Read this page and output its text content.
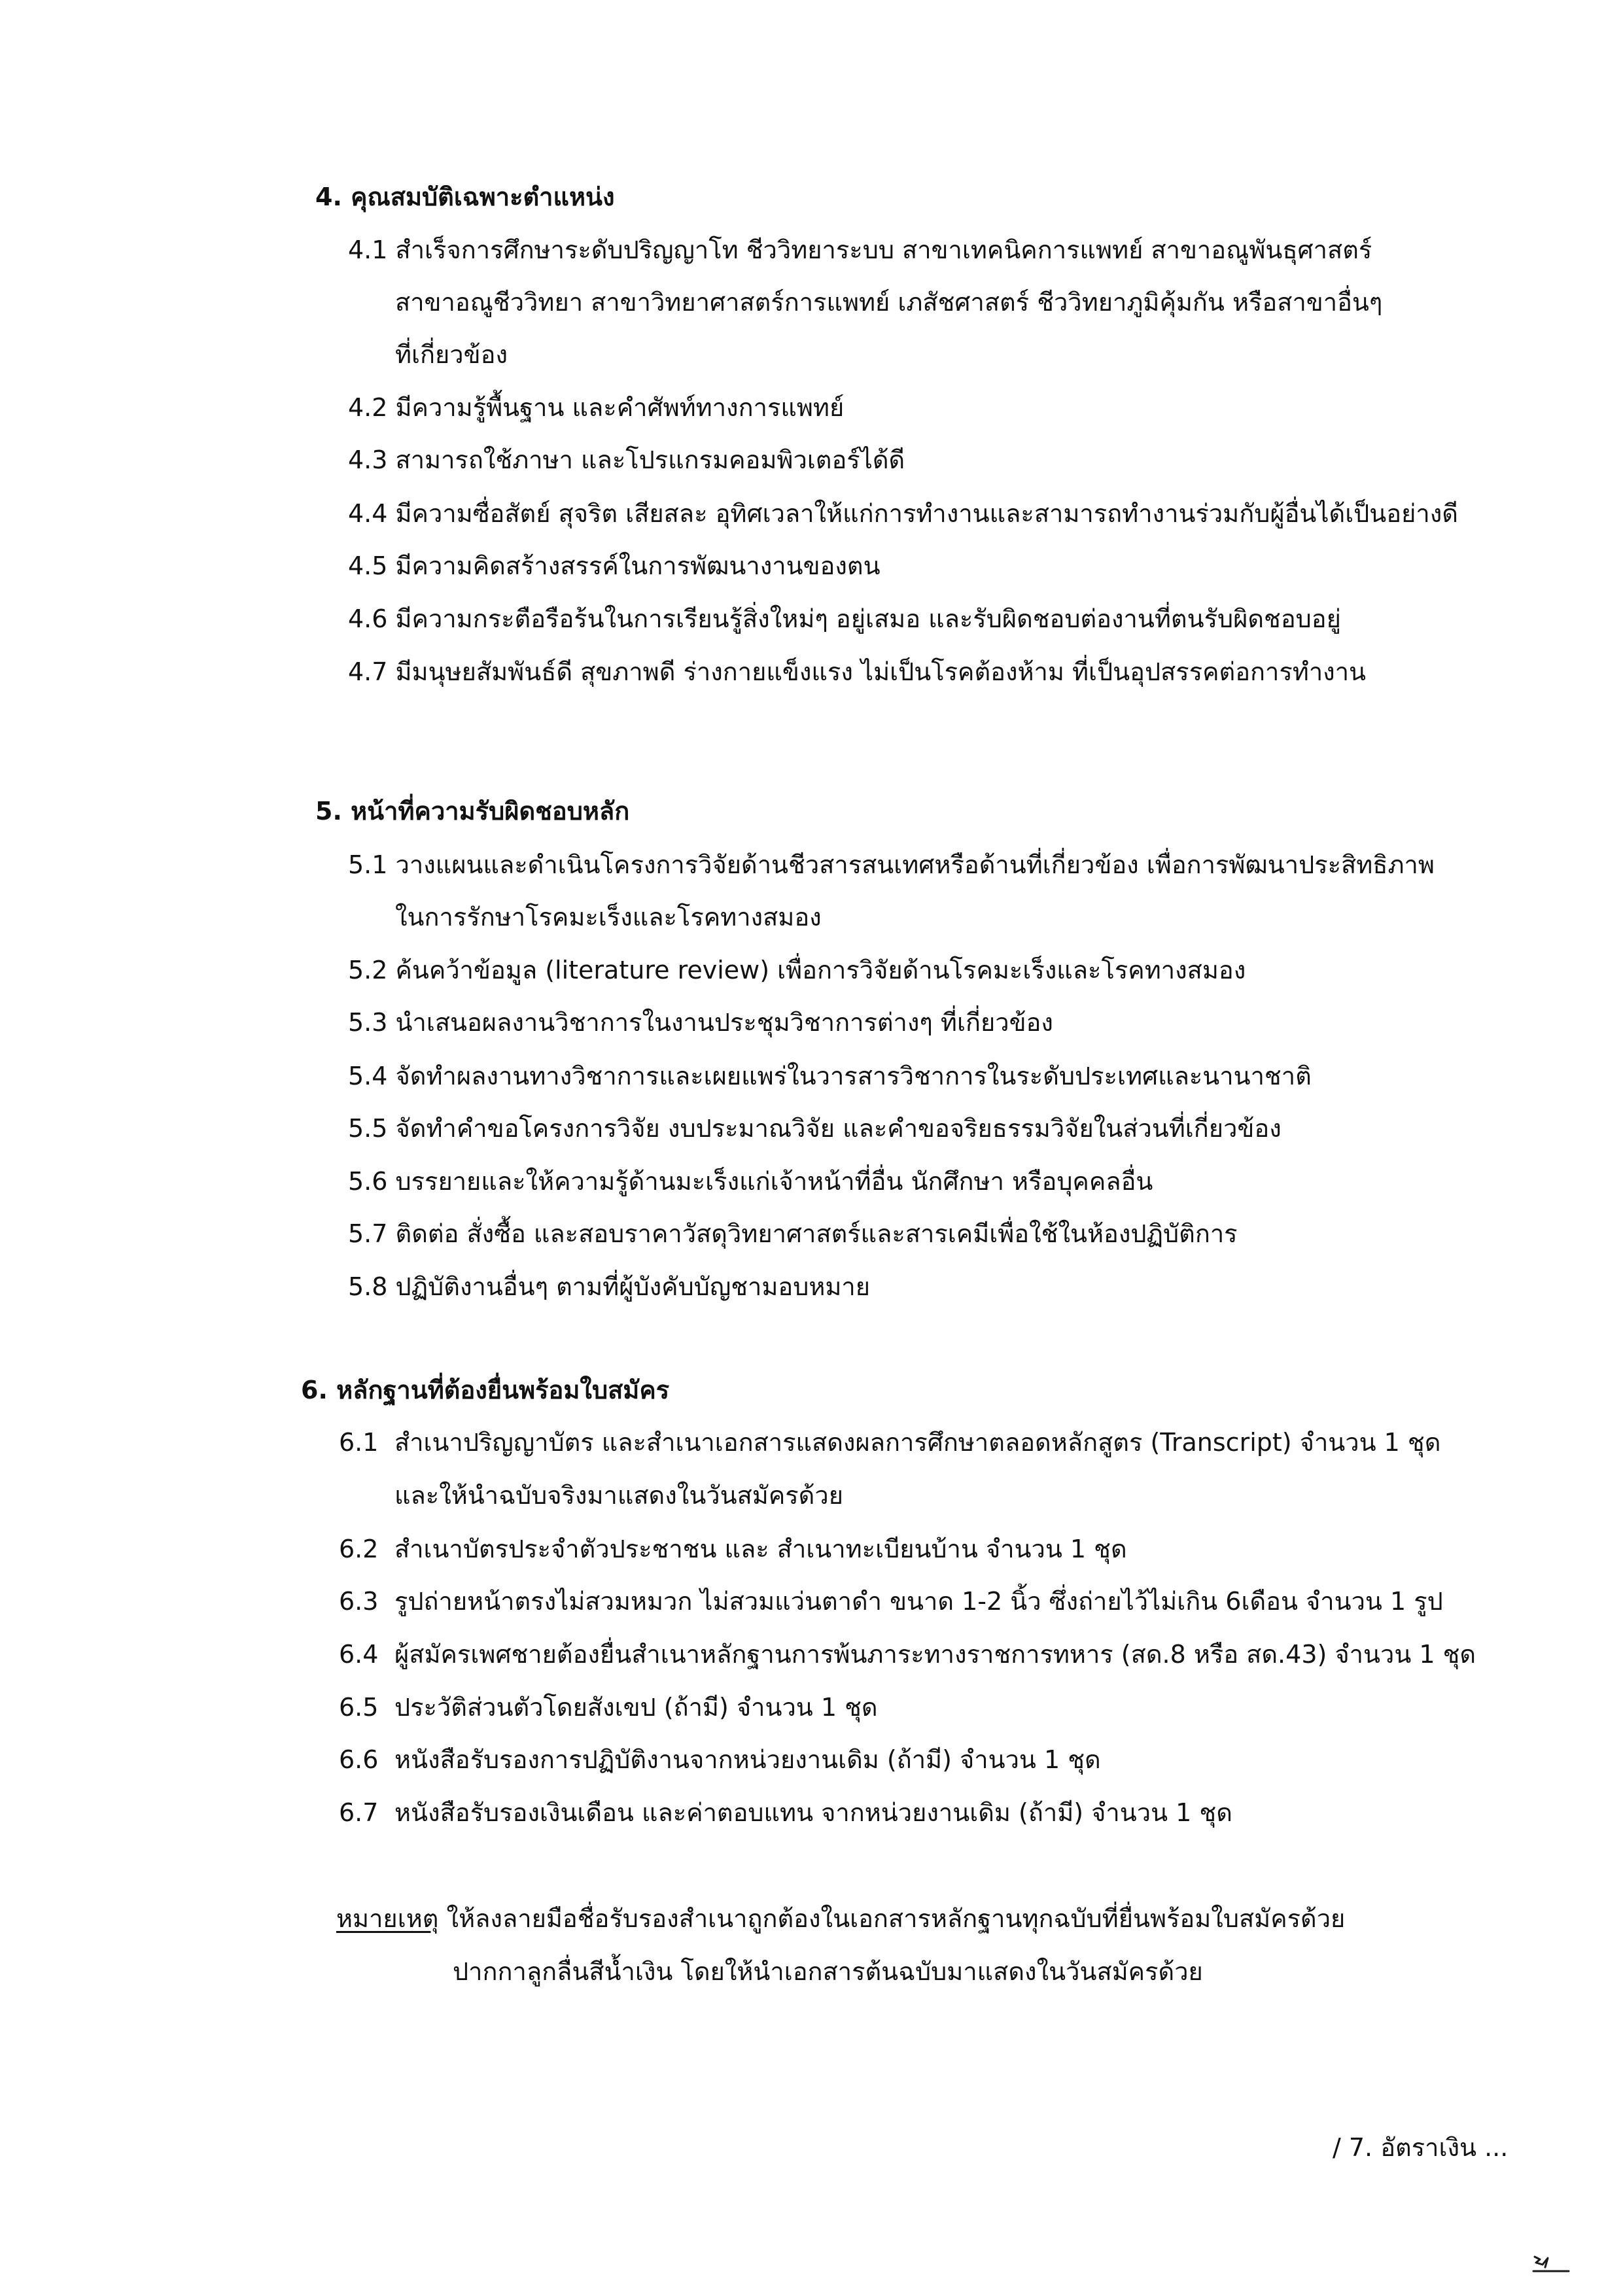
4. คุณสมบัติเฉพาะตำแหน่ง
4.1 สำเร็จการศึกษาระดับปริญญาโท ชีววิทยาระบบ สาขาเทคนิคการแพทย์ สาขาอณูพันธุศาสตร์
สาขาอณูชีววิทยา สาขาวิทยาศาสตร์การแพทย์ เภสัชศาสตร์ ชีววิทยาภูมิคุ้มกัน หรือสาขาอื่นๆ
ที่เกี่ยวข้อง
4.2 มีความรู้พื้นฐาน และคำศัพท์ทางการแพทย์
4.3 สามารถใช้ภาษา และโปรแกรมคอมพิวเตอร์ได้ดี
4.4 มีความซื่อสัตย์ สุจริต เสียสละ อุทิศเวลาให้แก่การทำงานและสามารถทำงานร่วมกับผู้อื่นได้เป็นอย่างดี
4.5 มีความคิดสร้างสรรค์ในการพัฒนางานของตน
4.6 มีความกระตือรือร้นในการเรียนรู้สิ่งใหม่ๆ อยู่เสมอ และรับผิดชอบต่องานที่ตนรับผิดชอบอยู่
4.7 มีมนุษยสัมพันธ์ดี สุขภาพดี ร่างกายแข็งแรง ไม่เป็นโรคต้องห้าม ที่เป็นอุปสรรคต่อการทำงาน
5. หน้าที่ความรับผิดชอบหลัก
5.1 วางแผนและดำเนินโครงการวิจัยด้านชีวสารสนเทศหรือด้านที่เกี่ยวข้อง เพื่อการพัฒนาประสิทธิภาพ
ในการรักษาโรคมะเร็งและโรคทางสมอง
5.2 ค้นคว้าข้อมูล (literature review) เพื่อการวิจัยด้านโรคมะเร็งและโรคทางสมอง
5.3 นำเสนอผลงานวิชาการในงานประชุมวิชาการต่างๆ ที่เกี่ยวข้อง
5.4 จัดทำผลงานทางวิชาการและเผยแพร่ในวารสารวิชาการในระดับประเทศและนานาชาติ
5.5 จัดทำคำขอโครงการวิจัย งบประมาณวิจัย และคำขอจริยธรรมวิจัยในส่วนที่เกี่ยวข้อง
5.6 บรรยายและให้ความรู้ด้านมะเร็งแก่เจ้าหน้าที่อื่น นักศึกษา หรือบุคคลอื่น
5.7 ติดต่อ สั่งซื้อ และสอบราคาวัสดุวิทยาศาสตร์และสารเคมีเพื่อใช้ในห้องปฏิบัติการ
5.8 ปฏิบัติงานอื่นๆ ตามที่ผู้บังคับบัญชามอบหมาย
6. หลักฐานที่ต้องยื่นพร้อมใบสมัคร
6.1 สำเนาปริญญาบัตร และสำเนาเอกสารแสดงผลการศึกษาตลอดหลักสูตร (Transcript) จำนวน 1 ชุด
และให้นำฉบับจริงมาแสดงในวันสมัครด้วย
6.2 สำเนาบัตรประจำตัวประชาชน และ สำเนาทะเบียนบ้าน จำนวน 1 ชุด
6.3 รูปถ่ายหน้าตรงไม่สวมหมวก ไม่สวมแว่นตาดำ ขนาด 1-2 นิ้ว ซึ่งถ่ายไว้ไม่เกิน 6เดือน จำนวน 1 รูป
6.4 ผู้สมัครเพศชายต้องยื่นสำเนาหลักฐานการพ้นภาระทางราชการทหาร (สด.8 หรือ สด.43) จำนวน 1 ชุด
6.5 ประวัติส่วนตัวโดยสังเขป (ถ้ามี) จำนวน 1 ชุด
6.6 หนังสือรับรองการปฏิบัติงานจากหน่วยงานเดิม (ถ้ามี) จำนวน 1 ชุด
6.7 หนังสือรับรองเงินเดือน และค่าตอบแทน จากหน่วยงานเดิม (ถ้ามี) จำนวน 1 ชุด
หมายเหตุ ให้ลงลายมือชื่อรับรองสำเนาถูกต้องในเอกสารหลักฐานทุกฉบับที่ยื่นพร้อมใบสมัครด้วย
ปากกาลูกลื่นสีน้ำเงิน โดยให้นำเอกสารต้นฉบับมาแสดงในวันสมัครด้วย
/ 7. อัตราเงิน ...
